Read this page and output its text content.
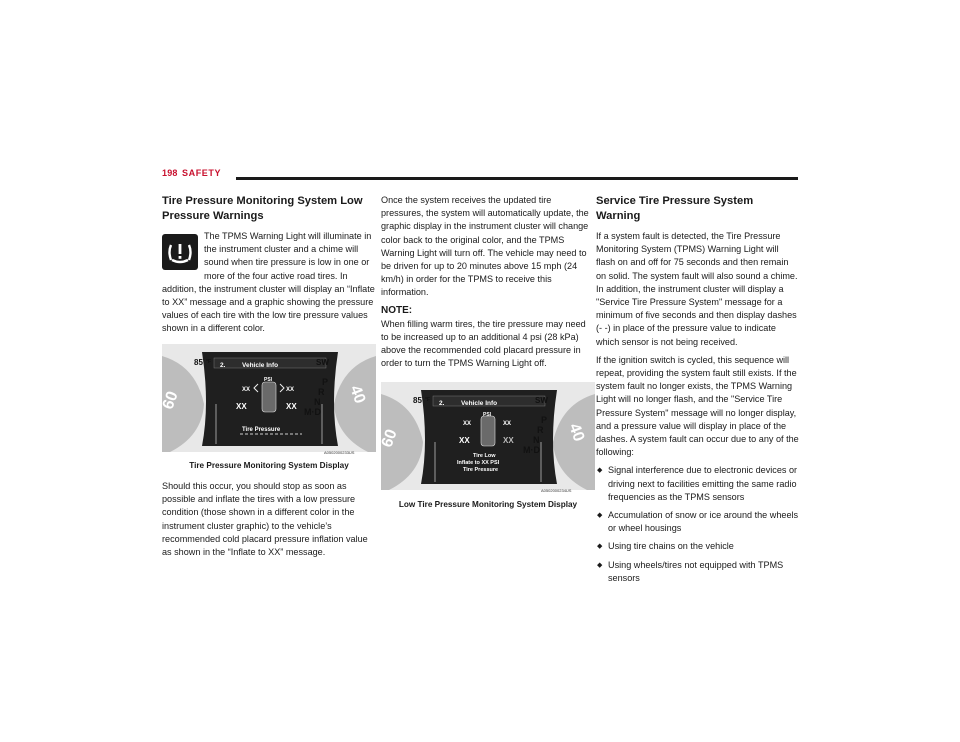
198 SAFETY
Tire Pressure Monitoring System Low Pressure Warnings

The TPMS Warning Light will illuminate in the instrument cluster and a chime will sound when tire pressure is low in one or more of the four active road tires. In addition, the instrument cluster will display an “Inflate to XX” message and a graphic showing the pressure values of each tire with the low tire pressure values shown in a different color.

60	40
85 °F 2.	Vehicle Info	SW
PSI
XX	XX
XX	XX
Tire Pressure
P
R
N
M·D
A0502000233US
Tire Pressure Monitoring System Display

Should this occur, you should stop as soon as possible and inflate the tires with a low pressure condition (those shown in a different color in the instrument cluster graphic) to the vehicle’s recommended cold placard pressure inflation value as shown in the “Inflate to XX” message.

Once the system receives the updated tire pressures, the system will automatically update, the graphic display in the instrument cluster will change color back to the original color, and the TPMS Warning Light will turn off. The vehicle may need to be driven for up to 20 minutes above 15 mph (24 km/h) in order for the TPMS to receive this information.

NOTE:

When filling warm tires, the tire pressure may need to be increased up to an additional 4 psi (28 kPa) above the recommended cold placard pressure in order to turn the TPMS Warning Light off.

60	40
85 °F 2.	Vehicle Info	SW
PSI
XX	XX
XX	XX
Tire Low
Inflate to XX PSI
Tire Pressure
P
R
N
M·D
A0502000234US
Low Tire Pressure Monitoring System Display
Service Tire Pressure System Warning

If a system fault is detected, the Tire Pressure Monitoring System (TPMS) Warning Light will flash on and off for 75 seconds and then remain on solid. The system fault will also sound a chime. In addition, the instrument cluster will display a "Service Tire Pressure System" message for a minimum of five seconds and then display dashes (- -) in place of the pressure value to indicate which sensor is not being received.

If the ignition switch is cycled, this sequence will repeat, providing the system fault still exists. If the system fault no longer exists, the TPMS Warning Light will no longer flash, and the "Service Tire Pressure System" message will no longer display, and a pressure value will display in place of the dashes. A system fault can occur due to any of the following:

◆ Signal interference due to electronic devices or driving next to facilities emitting the same radio frequencies as the TPMS sensors
◆ Accumulation of snow or ice around the wheels or wheel housings
◆ Using tire chains on the vehicle
◆ Using wheels/tires not equipped with TPMS sensors
